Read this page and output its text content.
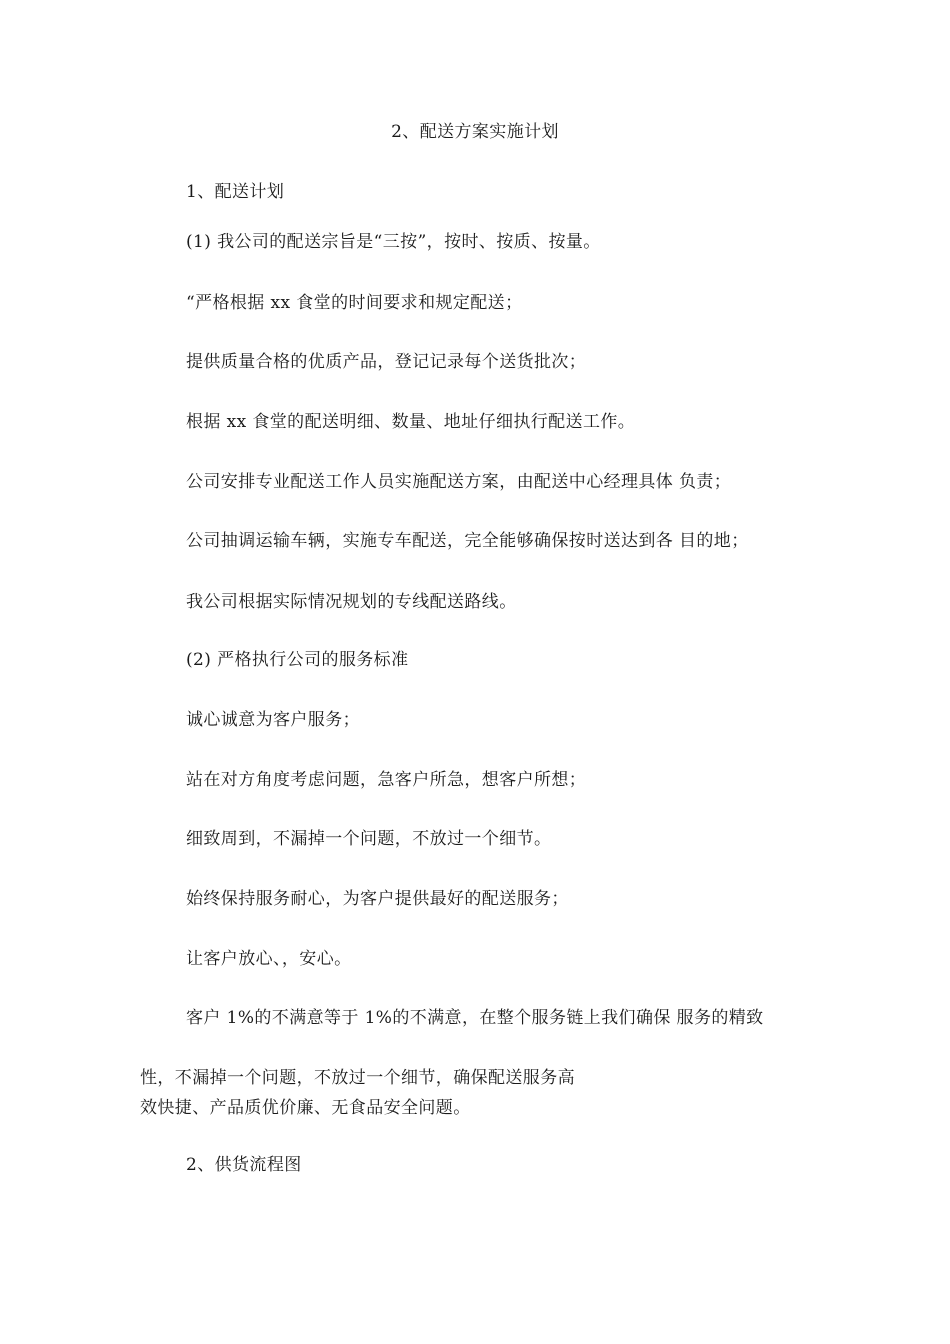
2、配送方案实施计划

1、配送计划

(1) 我公司的配送宗旨是“三按”，按时、按质、按量。

“严格根据 xx 食堂的时间要求和规定配送；

提供质量合格的优质产品，登记记录每个送货批次；

根据 xx 食堂的配送明细、数量、地址仔细执行配送工作。

公司安排专业配送工作人员实施配送方案，由配送中心经理具体 负责；

公司抽调运输车辆，实施专车配送，完全能够确保按时送达到各 目的地；

我公司根据实际情况规划的专线配送路线。

(2) 严格执行公司的服务标准

诚心诚意为客户服务；

站在对方角度考虑问题，急客户所急，想客户所想；

细致周到，不漏掉一个问题，不放过一个细节。

始终保持服务耐心，为客户提供最好的配送服务；

让客户放心、，安心。

客户 1%的不满意等于 1%的不满意，在整个服务链上我们确保 服务的精致

性，不漏掉一个问题，不放过一个细节，确保配送服务高

效快捷、产品质优价廉、无食品安全问题。

2、供货流程图
